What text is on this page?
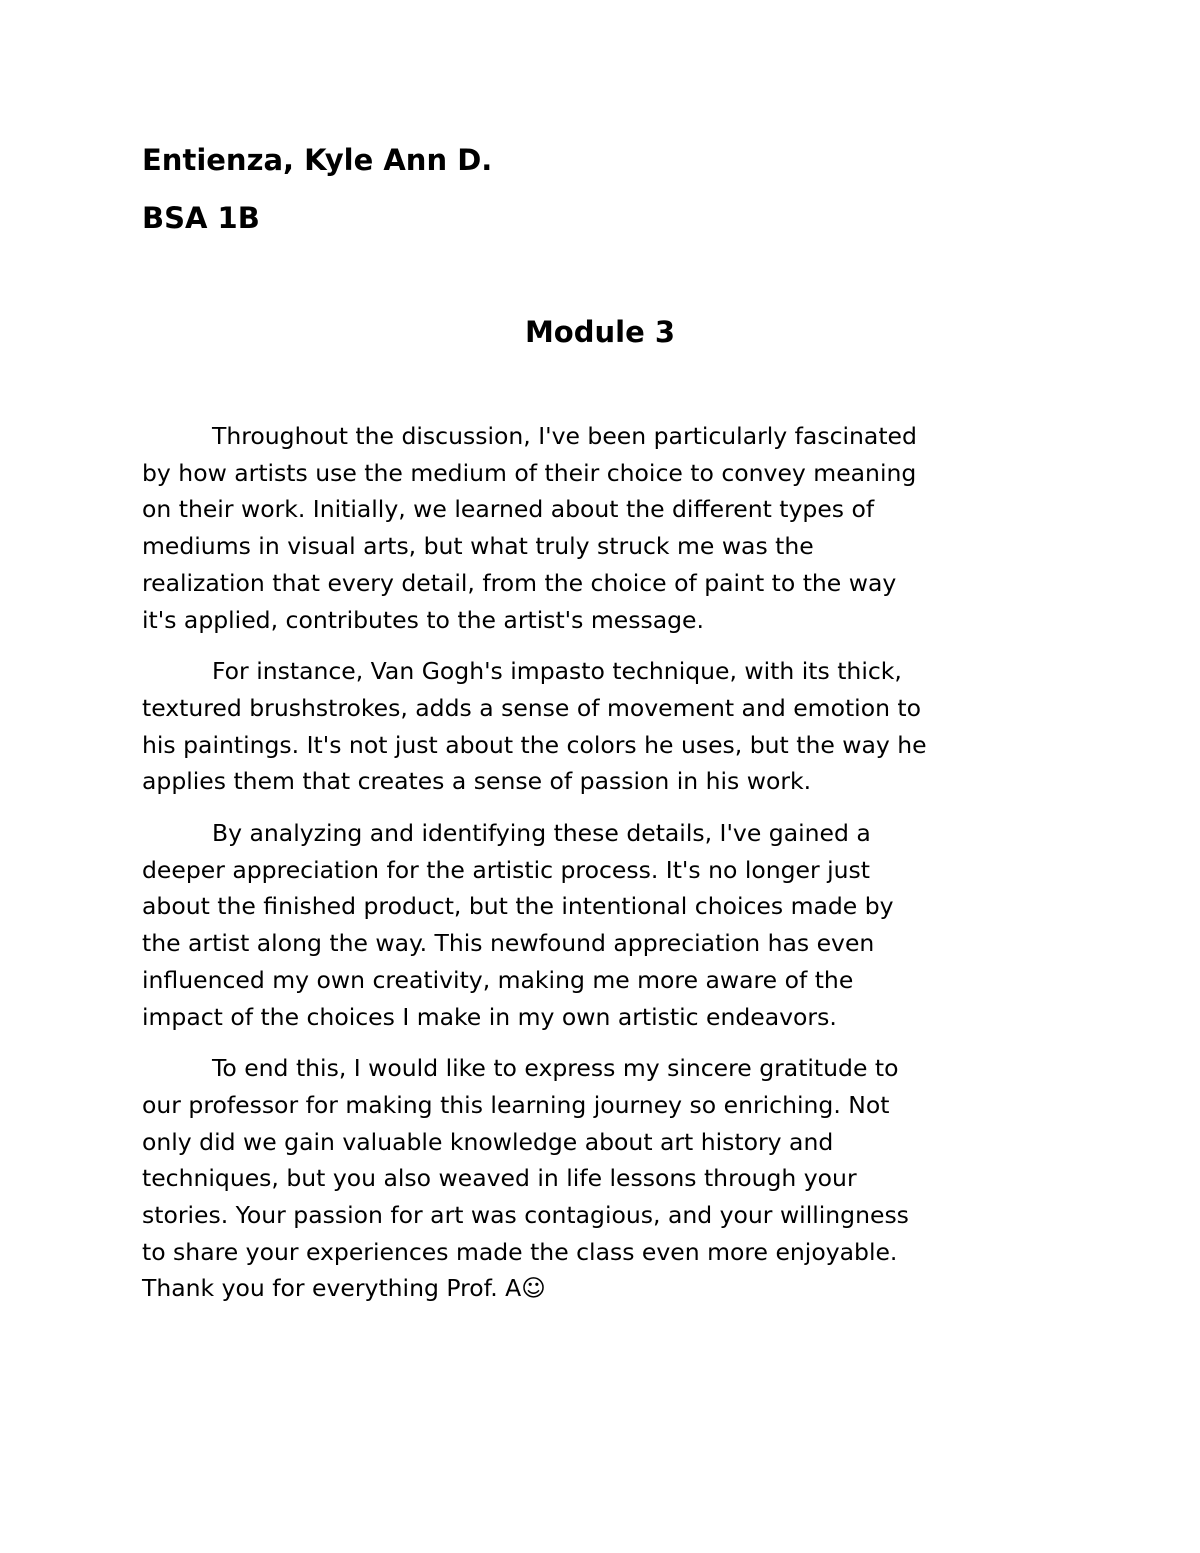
Entienza, Kyle Ann D.
BSA 1B
Module 3

Throughout the discussion, I've been particularly fascinated
by how artists use the medium of their choice to convey meaning
on their work. Initially, we learned about the different types of
mediums in visual arts, but what truly struck me was the
realization that every detail, from the choice of paint to the way
it's applied, contributes to the artist's message.

For instance, Van Gogh's impasto technique, with its thick,
textured brushstrokes, adds a sense of movement and emotion to
his paintings. It's not just about the colors he uses, but the way he
applies them that creates a sense of passion in his work.

By analyzing and identifying these details, I've gained a
deeper appreciation for the artistic process. It's no longer just
about the finished product, but the intentional choices made by
the artist along the way. This newfound appreciation has even
influenced my own creativity, making me more aware of the
impact of the choices I make in my own artistic endeavors.

To end this, I would like to express my sincere gratitude to
our professor for making this learning journey so enriching. Not
only did we gain valuable knowledge about art history and
techniques, but you also weaved in life lessons through your
stories. Your passion for art was contagious, and your willingness
to share your experiences made the class even more enjoyable.
Thank you for everything Prof. A☺
